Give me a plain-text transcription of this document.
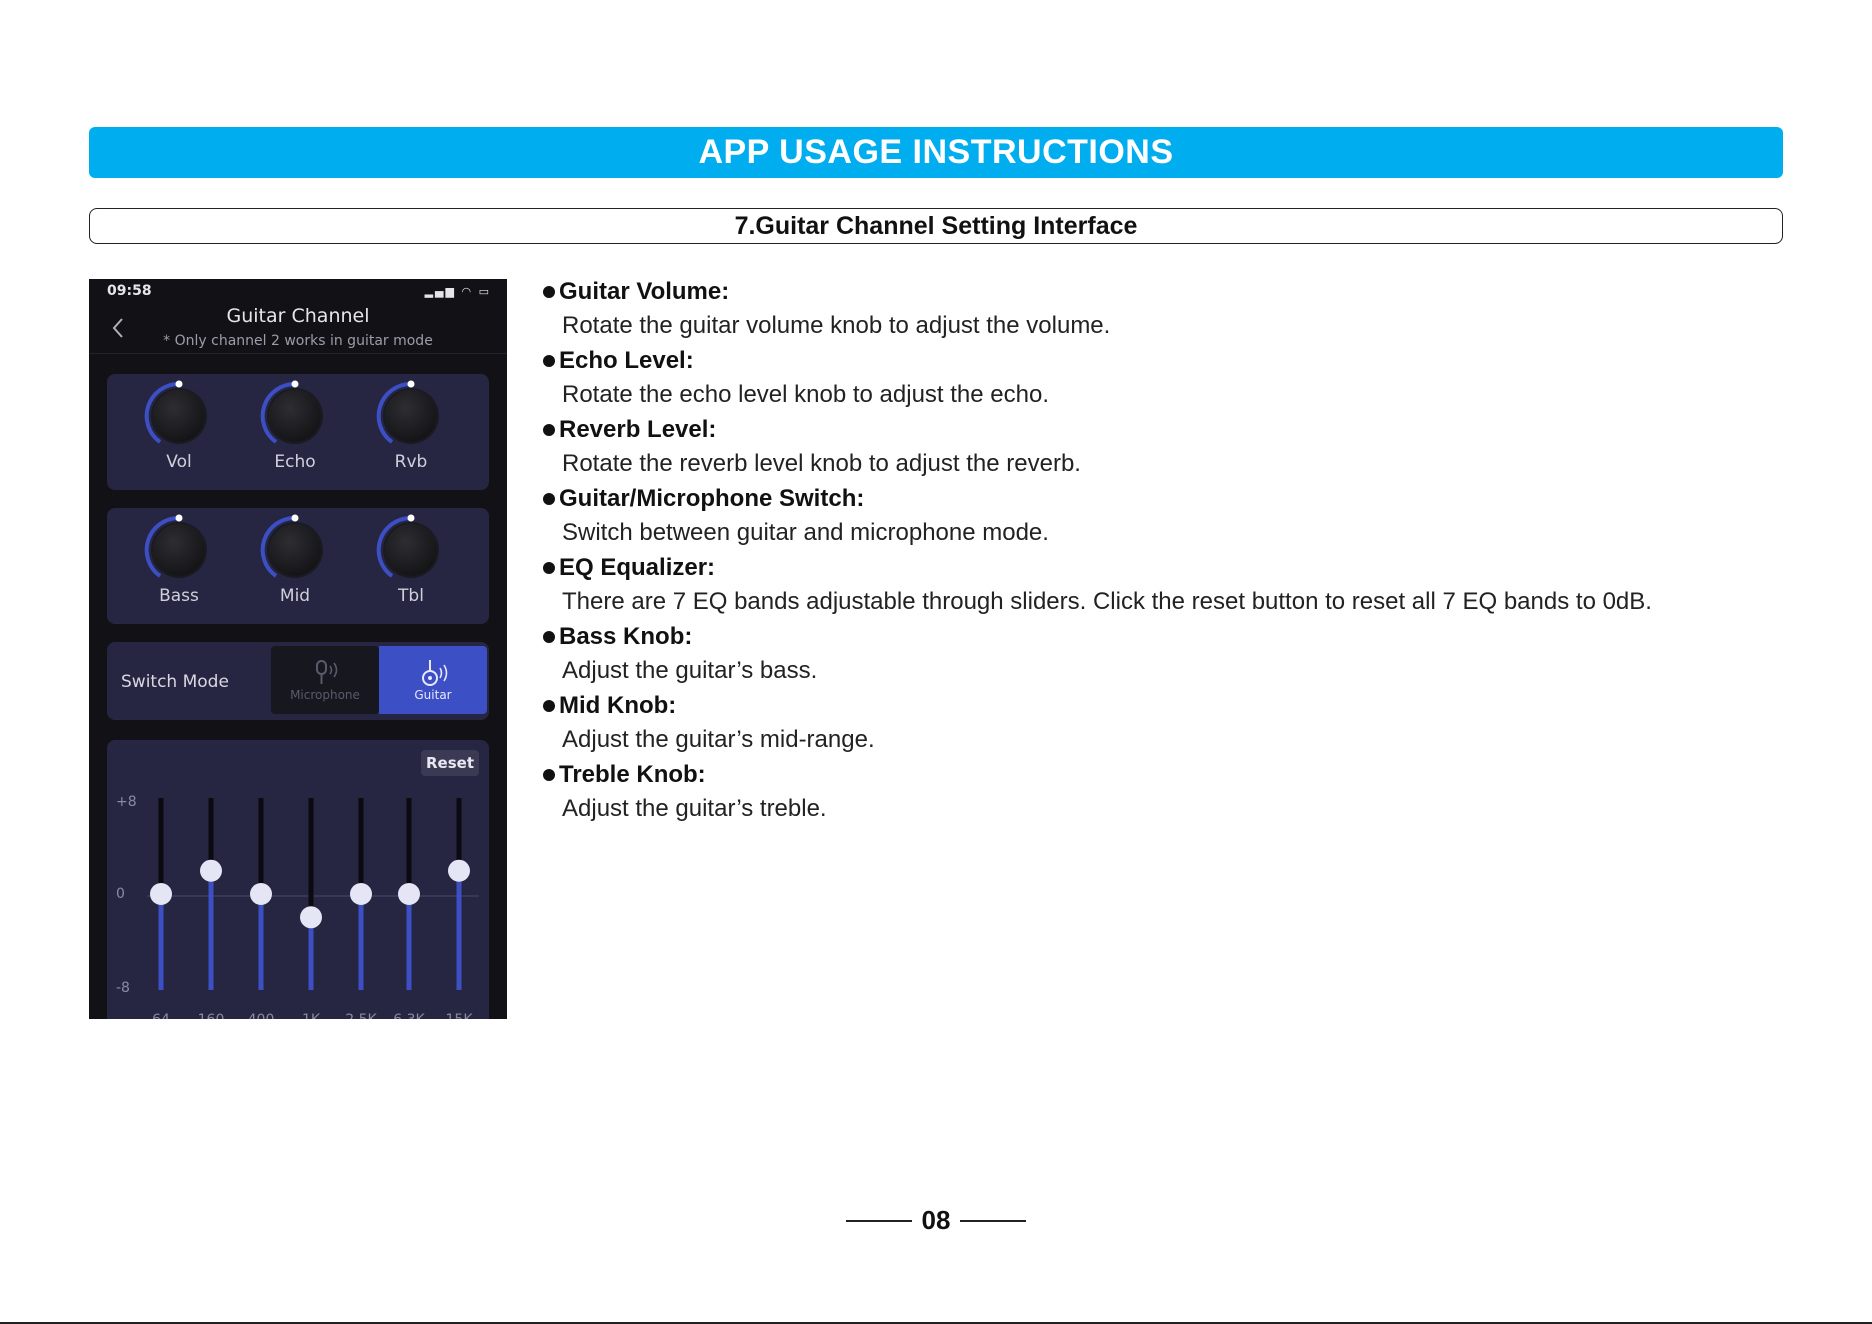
APP USAGE INSTRUCTIONS
7.Guitar Channel Setting Interface
09:58	▂▄▆ ◠ ▭
Guitar Channel
* Only channel 2 works in guitar mode
Vol	Echo	Rvb
Bass	Mid	Tbl
Switch Mode
Microphone	Guitar
Reset
+8
0
-8
64 160 400 1K 2.5K 6.3K 15K
Guitar Volume:
Rotate the guitar volume knob to adjust the volume.
Echo Level:
Rotate the echo level knob to adjust the echo.
Reverb Level:
Rotate the reverb level knob to adjust the reverb.
Guitar/Microphone Switch:
Switch between guitar and microphone mode.
EQ Equalizer:
There are 7 EQ bands adjustable through sliders. Click the reset button to reset all 7 EQ bands to 0dB.
Bass Knob:
Adjust the guitar’s bass.
Mid Knob:
Adjust the guitar’s mid-range.
Treble Knob:
Adjust the guitar’s treble.
08
